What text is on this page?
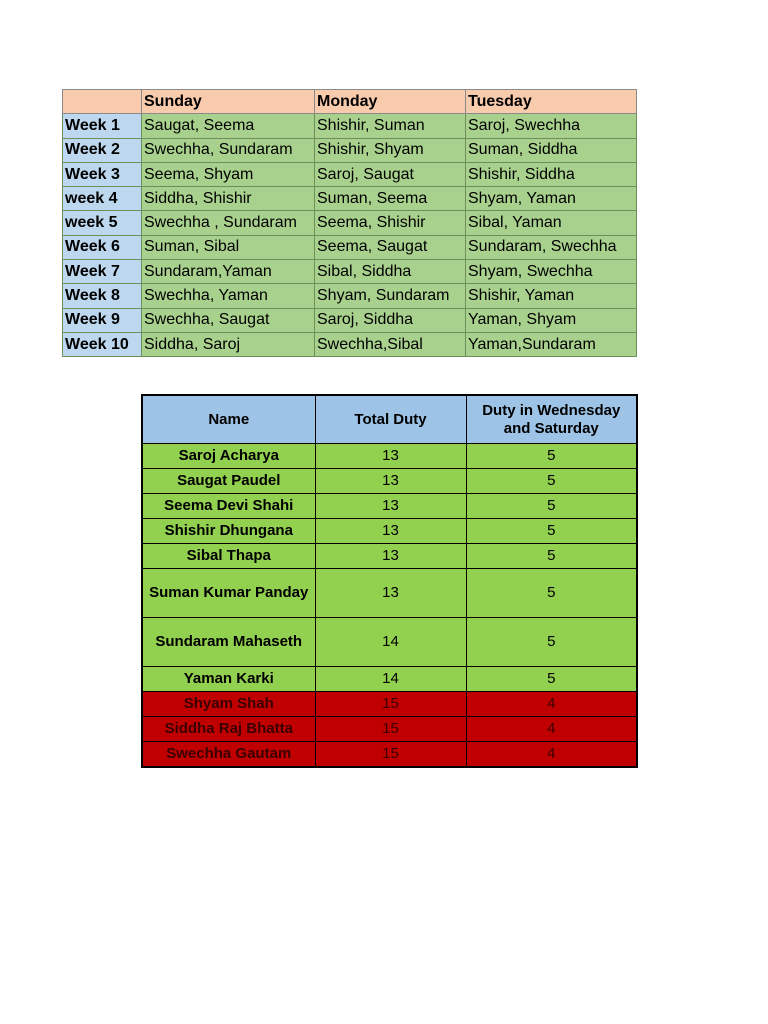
	Sunday	Monday	Tuesday
Week 1	Saugat, Seema	Shishir, Suman	Saroj, Swechha
Week 2	Swechha, Sundaram	Shishir, Shyam	Suman, Siddha
Week 3	Seema, Shyam	Saroj, Saugat	Shishir, Siddha
week 4	Siddha, Shishir	Suman, Seema	Shyam, Yaman
week 5	Swechha , Sundaram	Seema, Shishir	Sibal, Yaman
Week 6	Suman, Sibal	Seema, Saugat	Sundaram, Swechha
Week 7	Sundaram,Yaman	Sibal, Siddha	Shyam, Swechha
Week 8	Swechha, Yaman	Shyam, Sundaram	Shishir, Yaman
Week 9	Swechha, Saugat	Saroj, Siddha	Yaman, Shyam
Week 10	Siddha, Saroj	Swechha,Sibal	Yaman,Sundaram
Name	Total Duty	Duty in Wednesday and Saturday
Saroj Acharya	13	5
Saugat Paudel	13	5
Seema Devi Shahi	13	5
Shishir Dhungana	13	5
Sibal Thapa	13	5
Suman Kumar Panday	13	5
Sundaram Mahaseth	14	5
Yaman Karki	14	5
Shyam Shah	15	4
Siddha Raj Bhatta	15	4
Swechha Gautam	15	4
